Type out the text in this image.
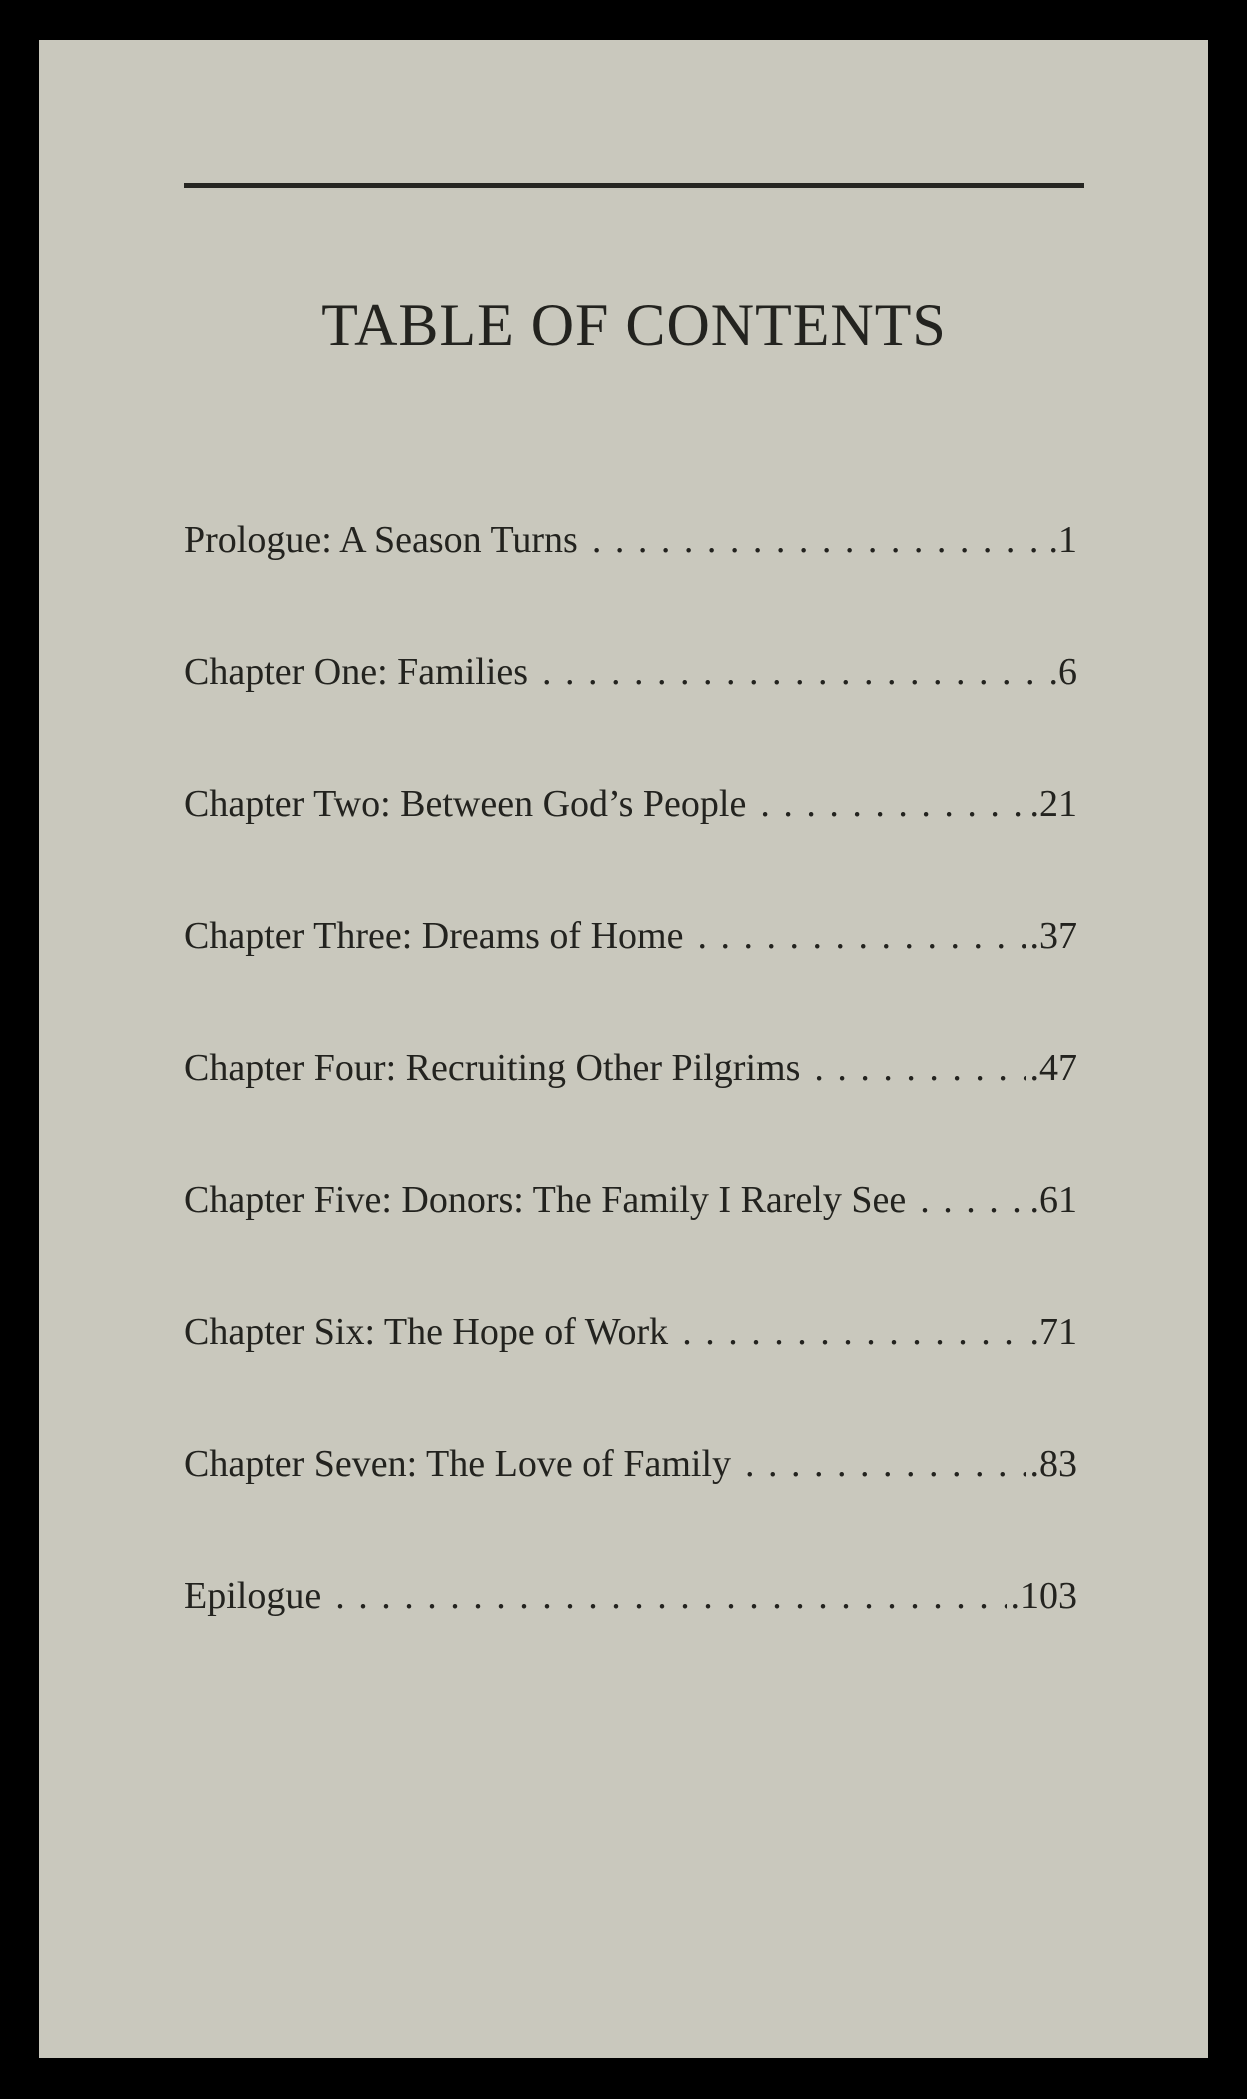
TABLE OF CONTENTS
Prologue: A Season Turns . . .	.1
Chapter One: Families . . .	.6
Chapter Two: Between God’s People . . .	.21
Chapter Three: Dreams of Home . . .	.37
Chapter Four: Recruiting Other Pilgrims . . .	.47
Chapter Five: Donors: The Family I Rarely See . . .	.61
Chapter Six: The Hope of Work . . .	.71
Chapter Seven: The Love of Family . . .	.83
Epilogue . . .	.103
